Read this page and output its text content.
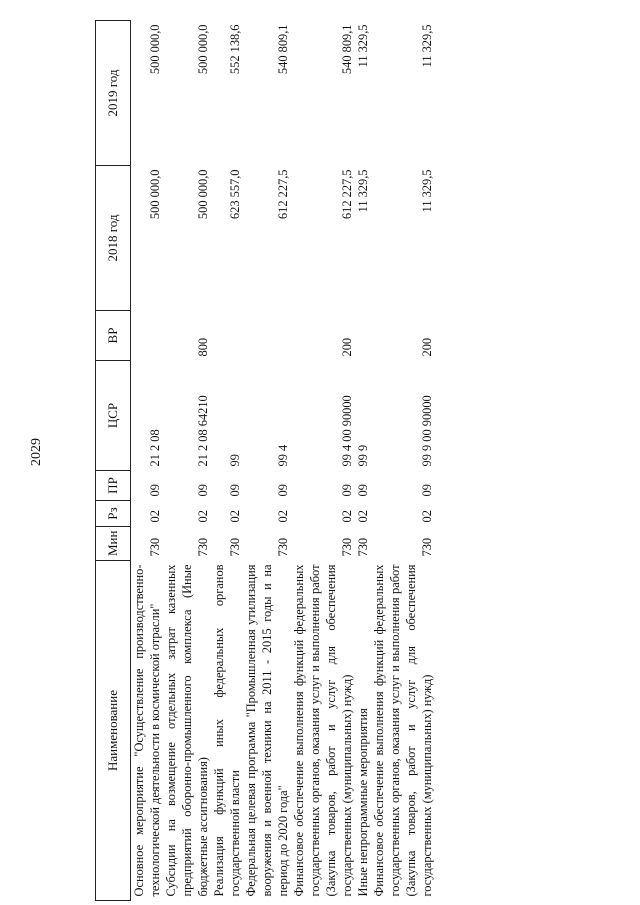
2029
Наименование	Мин	Рз	ПР	ЦСР	ВР	2018 год	2019 год
Основное мероприятие "Осуществление производственно-технологической деятельности в космической отрасли"	730	02	09	21 2 08		500 000,0	500 000,0
Субсидии на возмещение отдельных затрат казенных предприятий оборонно-промышленного комплекса (Иные бюджетные ассигнования)	730	02	09	21 2 08 64210	800	500 000,0	500 000,0
Реализация функций иных федеральных органов государственной власти	730	02	09	99		623 557,0	552 138,6
Федеральная целевая программа "Промышленная утилизация вооружения и военной техники на 2011 - 2015 годы и на период до 2020 года"	730	02	09	99 4		612 227,5	540 809,1
Финансовое обеспечение выполнения функций федеральных государственных органов, оказания услуг и выполнения работ (Закупка товаров, работ и услуг для обеспечения государственных (муниципальных) нужд)	730	02	09	99 4 00 90000	200	612 227,5	540 809,1
Иные непрограммные мероприятия	730	02	09	99 9		11 329,5	11 329,5
Финансовое обеспечение выполнения функций федеральных государственных органов, оказания услуг и выполнения работ (Закупка товаров, работ и услуг для обеспечения государственных (муниципальных) нужд)	730	02	09	99 9 00 90000	200	11 329,5	11 329,5
